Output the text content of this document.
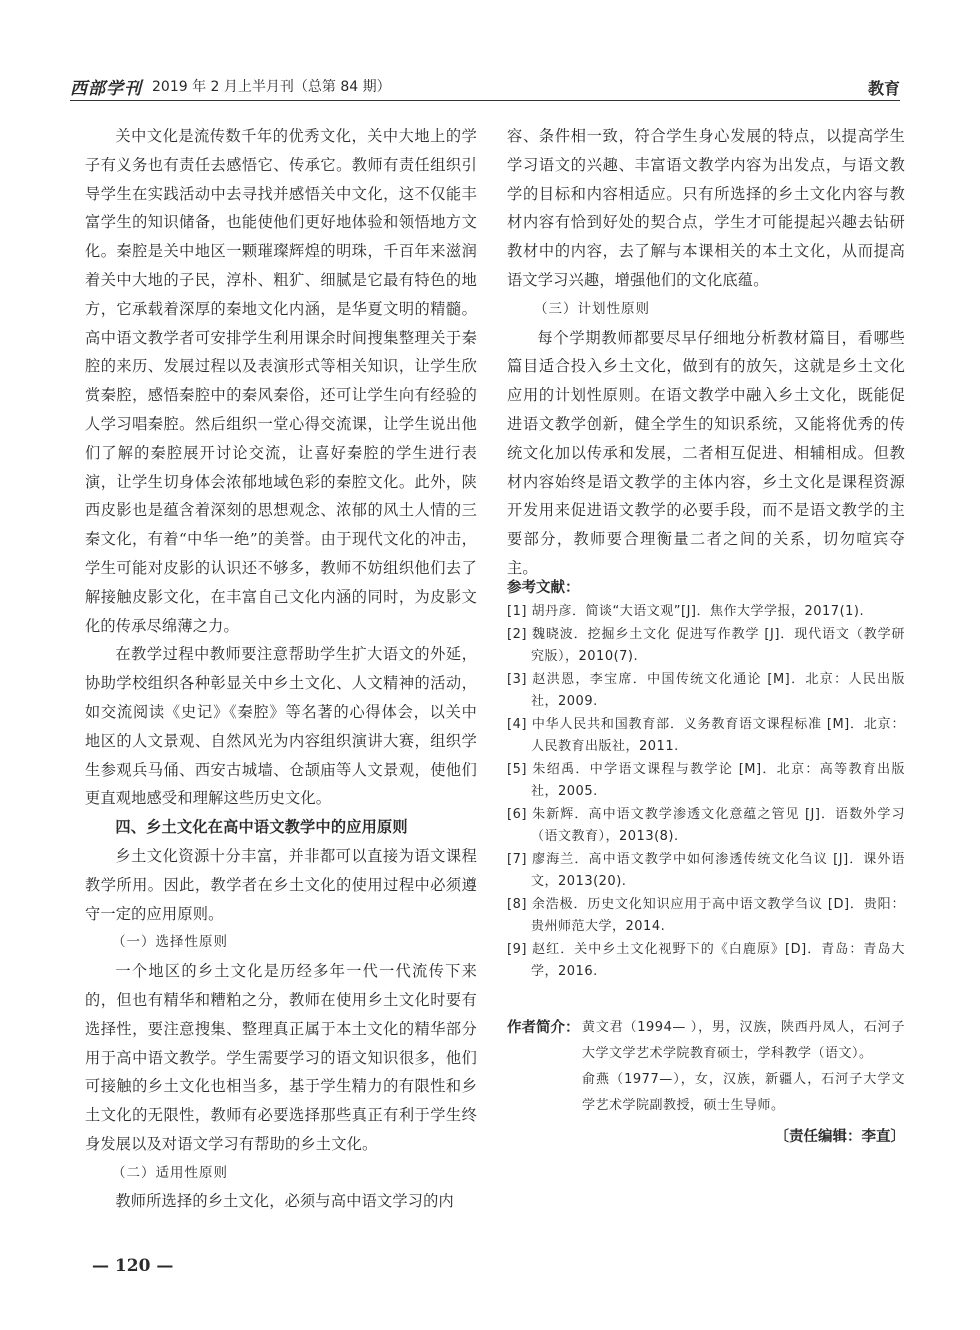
西部学刊 2019 年 2 月上半月刊（总第 84 期）	教育

关中文化是流传数千年的优秀文化，关中大地上的学子有义务也有责任去感悟它、传承它。教师有责任组织引导学生在实践活动中去寻找并感悟关中文化，这不仅能丰富学生的知识储备，也能使他们更好地体验和领悟地方文化。秦腔是关中地区一颗璀璨辉煌的明珠，千百年来滋润着关中大地的子民，淳朴、粗犷、细腻是它最有特色的地方，它承载着深厚的秦地文化内涵，是华夏文明的精髓。高中语文教学者可安排学生利用课余时间搜集整理关于秦腔的来历、发展过程以及表演形式等相关知识，让学生欣赏秦腔，感悟秦腔中的秦风秦俗，还可让学生向有经验的人学习唱秦腔。然后组织一堂心得交流课，让学生说出他们了解的秦腔展开讨论交流，让喜好秦腔的学生进行表演，让学生切身体会浓郁地域色彩的秦腔文化。此外，陕西皮影也是蕴含着深刻的思想观念、浓郁的风土人情的三秦文化，有着“中华一绝”的美誉。由于现代文化的冲击，学生可能对皮影的认识还不够多，教师不妨组织他们去了解接触皮影文化，在丰富自己文化内涵的同时，为皮影文化的传承尽绵薄之力。

在教学过程中教师要注意帮助学生扩大语文的外延，协助学校组织各种彰显关中乡土文化、人文精神的活动，如交流阅读《史记》《秦腔》等名著的心得体会，以关中地区的人文景观、自然风光为内容组织演讲大赛，组织学生参观兵马俑、西安古城墙、仓颉庙等人文景观，使他们更直观地感受和理解这些历史文化。

四、乡土文化在高中语文教学中的应用原则

乡土文化资源十分丰富，并非都可以直接为语文课程教学所用。因此，教学者在乡土文化的使用过程中必须遵守一定的应用原则。

（一）选择性原则

一个地区的乡土文化是历经多年一代一代流传下来的，但也有精华和糟粕之分，教师在使用乡土文化时要有选择性，要注意搜集、整理真正属于本土文化的精华部分用于高中语文教学。学生需要学习的语文知识很多，他们可接触的乡土文化也相当多，基于学生精力的有限性和乡土文化的无限性，教师有必要选择那些真正有利于学生终身发展以及对语文学习有帮助的乡土文化。

（二）适用性原则

教师所选择的乡土文化，必须与高中语文学习的内

容、条件相一致，符合学生身心发展的特点，以提高学生学习语文的兴趣、丰富语文教学内容为出发点，与语文教学的目标和内容相适应。只有所选择的乡土文化内容与教材内容有恰到好处的契合点，学生才可能提起兴趣去钻研教材中的内容，去了解与本课相关的本土文化，从而提高语文学习兴趣，增强他们的文化底蕴。

（三）计划性原则

每个学期教师都要尽早仔细地分析教材篇目，看哪些篇目适合投入乡土文化，做到有的放矢，这就是乡土文化应用的计划性原则。在语文教学中融入乡土文化，既能促进语文教学创新，健全学生的知识系统，又能将优秀的传统文化加以传承和发展，二者相互促进、相辅相成。但教材内容始终是语文教学的主体内容，乡土文化是课程资源开发用来促进语文教学的必要手段，而不是语文教学的主要部分，教师要合理衡量二者之间的关系，切勿喧宾夺主。

参考文献：
[1] 胡丹彦．简谈“大语文观”[J]．焦作大学学报，2017(1).
[2] 魏晓波．挖掘乡土文化 促进写作教学 [J]．现代语文（教学研究版），2010(7).
[3] 赵洪恩，李宝席．中国传统文化通论 [M]．北京：人民出版社，2009.
[4] 中华人民共和国教育部．义务教育语文课程标准 [M]．北京：人民教育出版社，2011.
[5] 朱绍禹．中学语文课程与教学论 [M]．北京：高等教育出版社，2005.
[6] 朱新辉．高中语文教学渗透文化意蕴之管见 [J]．语数外学习（语文教育），2013(8).
[7] 廖海兰．高中语文教学中如何渗透传统文化刍议 [J]．课外语文，2013(20).
[8] 余浩极．历史文化知识应用于高中语文教学刍议 [D]．贵阳：贵州师范大学，2014.
[9] 赵红．关中乡土文化视野下的《白鹿原》[D]．青岛：青岛大学，2016.
作者简介： 黄文君（1994— ），男，汉族，陕西丹凤人，石河子大学文学艺术学院教育硕士，学科教学（语文）。
俞燕（1977—），女，汉族，新疆人，石河子大学文学艺术学院副教授，硕士生导师。
〔责任编辑：李直〕
— 120 —
